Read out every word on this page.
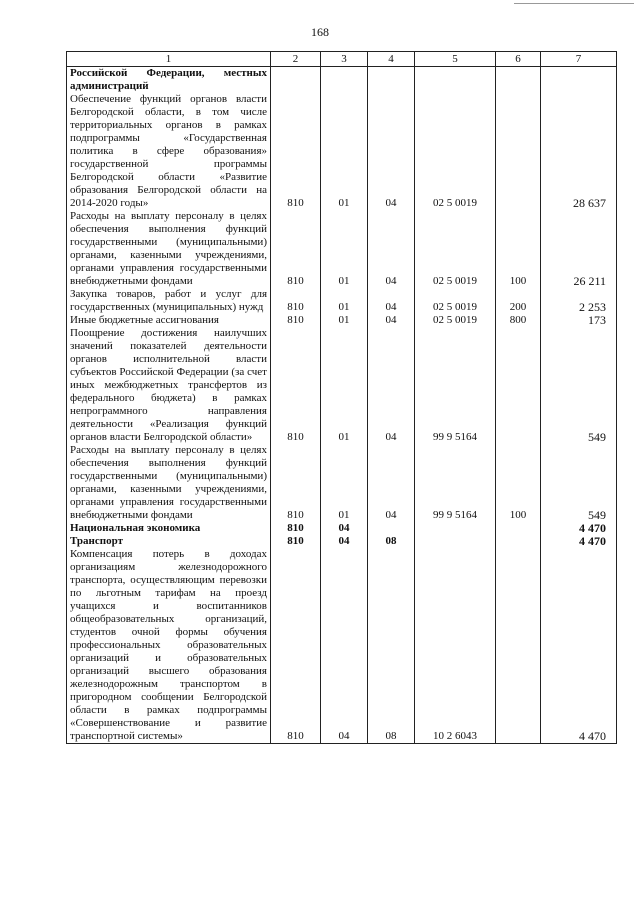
168
1	2	3	4	5	6	7
Российской Федерации, местных администраций						
Обеспечение функций органов власти Белгородской области, в том числе территориальных органов в рамках подпрограммы «Государственная политика в сфере образования» государственной программы Белгородской области «Развитие образования Белгородской области на 2014-2020 годы»	810	01	04	02 5 0019		28 637
Расходы на выплату персоналу в целях обеспечения выполнения функций государственными (муниципальными) органами, казенными учреждениями, органами управления государственными внебюджетными фондами	810	01	04	02 5 0019	100	26 211
Закупка товаров, работ и услуг для государственных (муниципальных) нужд	810	01	04	02 5 0019	200	2 253
Иные бюджетные ассигнования	810	01	04	02 5 0019	800	173
Поощрение достижения наилучших значений показателей деятельности органов исполнительной власти субъектов Российской Федерации (за счет иных межбюджетных трансфертов из федерального бюджета) в рамках непрограммного направления деятельности «Реализация функций органов власти Белгородской области»	810	01	04	99 9 5164		549
Расходы на выплату персоналу в целях обеспечения выполнения функций государственными (муниципальными) органами, казенными учреждениями, органами управления государственными внебюджетными фондами	810	01	04	99 9 5164	100	549
Национальная экономика	810	04				4 470
Транспорт	810	04	08			4 470
Компенсация потерь в доходах организациям железнодорожного транспорта, осуществляющим перевозки по льготным тарифам на проезд учащихся и воспитанников общеобразовательных организаций, студентов очной формы обучения профессиональных образовательных организаций и образовательных организаций высшего образования железнодорожным транспортом в пригородном сообщении Белгородской области в рамках подпрограммы «Совершенствование и развитие транспортной системы»	810	04	08	10 2 6043		4 470
